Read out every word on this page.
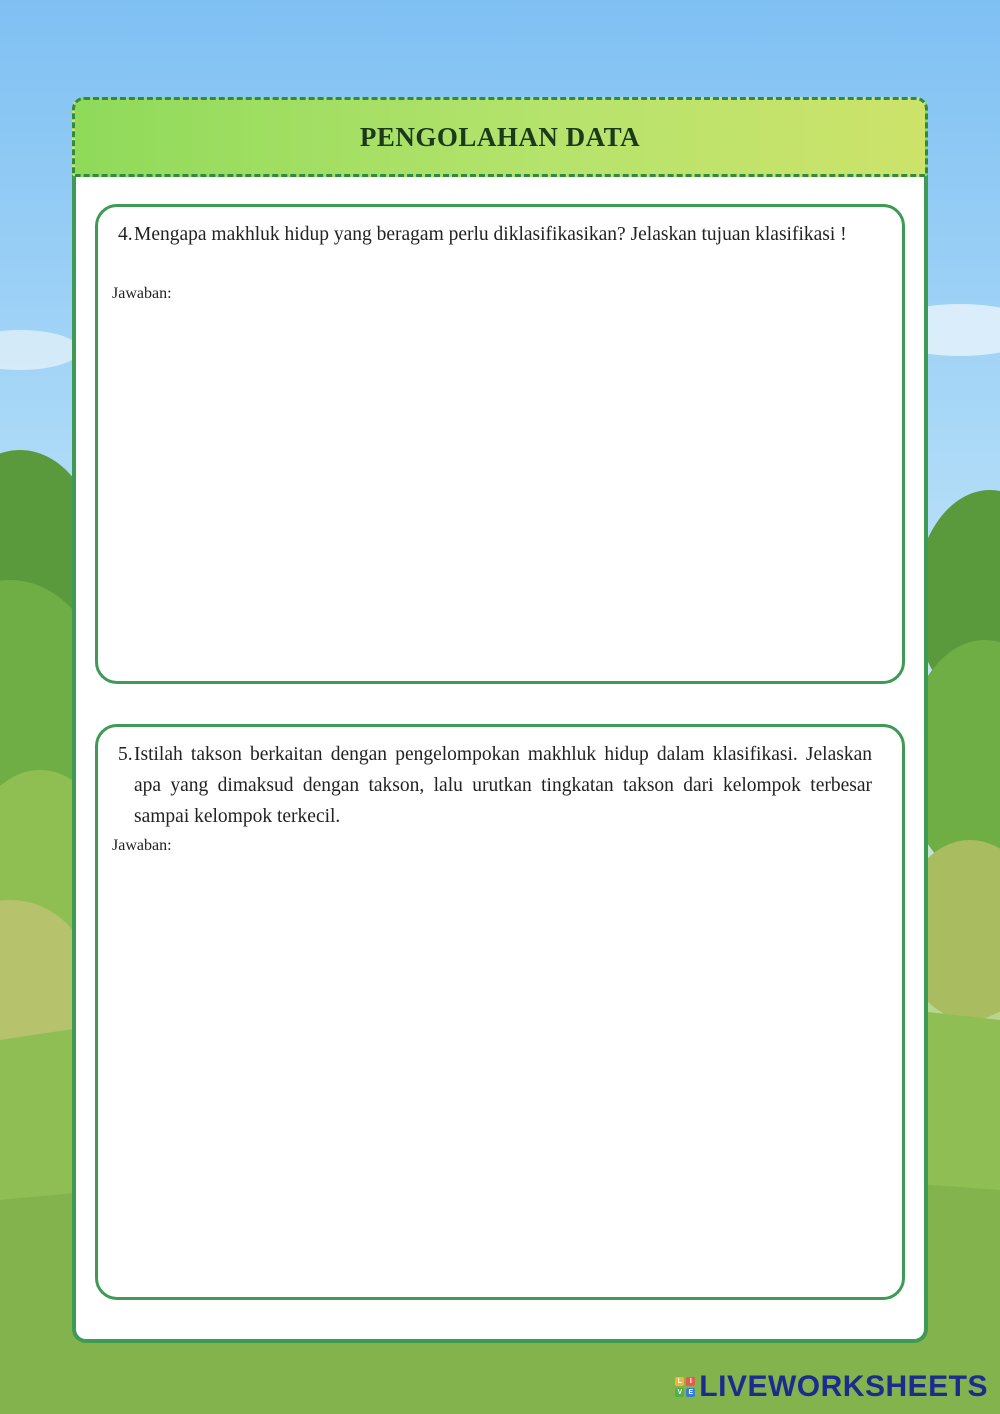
PENGOLAHAN DATA
4. Mengapa makhluk hidup yang beragam perlu diklasifikasikan? Jelaskan tujuan klasifikasi !
Jawaban:
5. Istilah takson berkaitan dengan pengelompokan makhluk hidup dalam klasifikasi. Jelaskan apa yang dimaksud dengan takson, lalu urutkan tingkatan takson dari kelompok terbesar sampai kelompok terkecil.
Jawaban:
L	I
V E LIVEWORKSHEETS
